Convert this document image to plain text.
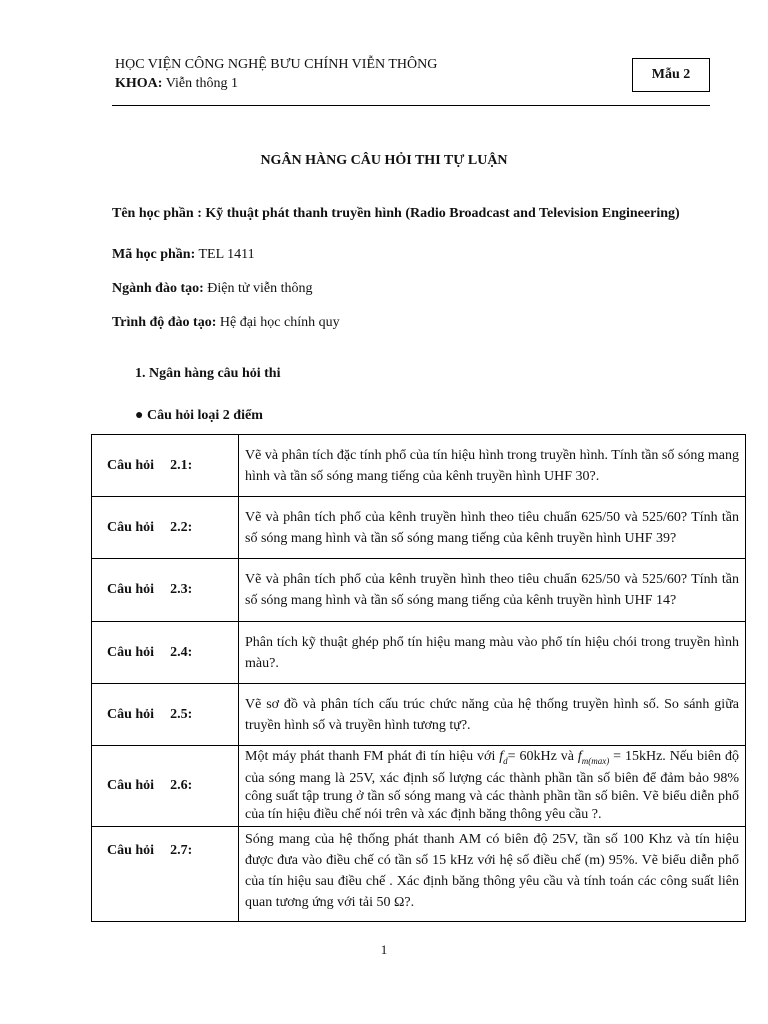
HỌC VIỆN CÔNG NGHỆ BƯU CHÍNH VIỄN THÔNG
KHOA: Viễn thông 1
Mẫu 2
NGÂN HÀNG CÂU HỎI THI TỰ LUẬN
Tên học phần : Kỹ thuật phát thanh truyền hình (Radio Broadcast and Television Engineering)
Mã học phần: TEL 1411
Ngành đào tạo: Điện tử viễn thông
Trình độ đào tạo: Hệ đại học chính quy
1. Ngân hàng câu hỏi thi
● Câu hỏi loại 2 điểm
Câu hỏi 2.1:	Vẽ và phân tích đặc tính phổ của tín hiệu hình trong truyền hình. Tính tần số sóng mang hình và tần số sóng mang tiếng của kênh truyền hình UHF 30?.
Câu hỏi 2.2:	Vẽ và phân tích phổ của kênh truyền hình theo tiêu chuẩn 625/50 và 525/60? Tính tần số sóng mang hình và tần số sóng mang tiếng của kênh truyền hình UHF 39?
Câu hỏi 2.3:	Vẽ và phân tích phổ của kênh truyền hình theo tiêu chuẩn 625/50 và 525/60? Tính tần số sóng mang hình và tần số sóng mang tiếng của kênh truyền hình UHF 14?
Câu hỏi 2.4:	Phân tích kỹ thuật ghép phổ tín hiệu mang màu vào phổ tín hiệu chói trong truyền hình màu?.
Câu hỏi 2.5:	Vẽ sơ đồ và phân tích cấu trúc chức năng của hệ thống truyền hình số. So sánh giữa truyền hình số và truyền hình tương tự?.
Câu hỏi 2.6:	Một máy phát thanh FM phát đi tín hiệu với $f_d= 60kHz$ và $f_{m(max)} = 15kHz$. Nếu biên độ của sóng mang là 25V, xác định số lượng các thành phần tần số biên để đảm bảo 98% công suất tập trung ở tần số sóng mang và các thành phần tần số biên. Vẽ biểu diễn phổ của tín hiệu điều chế nói trên và xác định băng thông yêu cầu ?.
Câu hỏi 2.7:	Sóng mang của hệ thống phát thanh AM có biên độ 25V, tần số 100 Khz và tín hiệu được đưa vào điều chế có tần số 15 kHz với hệ số điều chế (m) 95%. Vẽ biểu diễn phổ của tín hiệu sau điều chế . Xác định băng thông yêu cầu và tính toán các công suất liên quan tương ứng với tải 50 Ω?.
1
